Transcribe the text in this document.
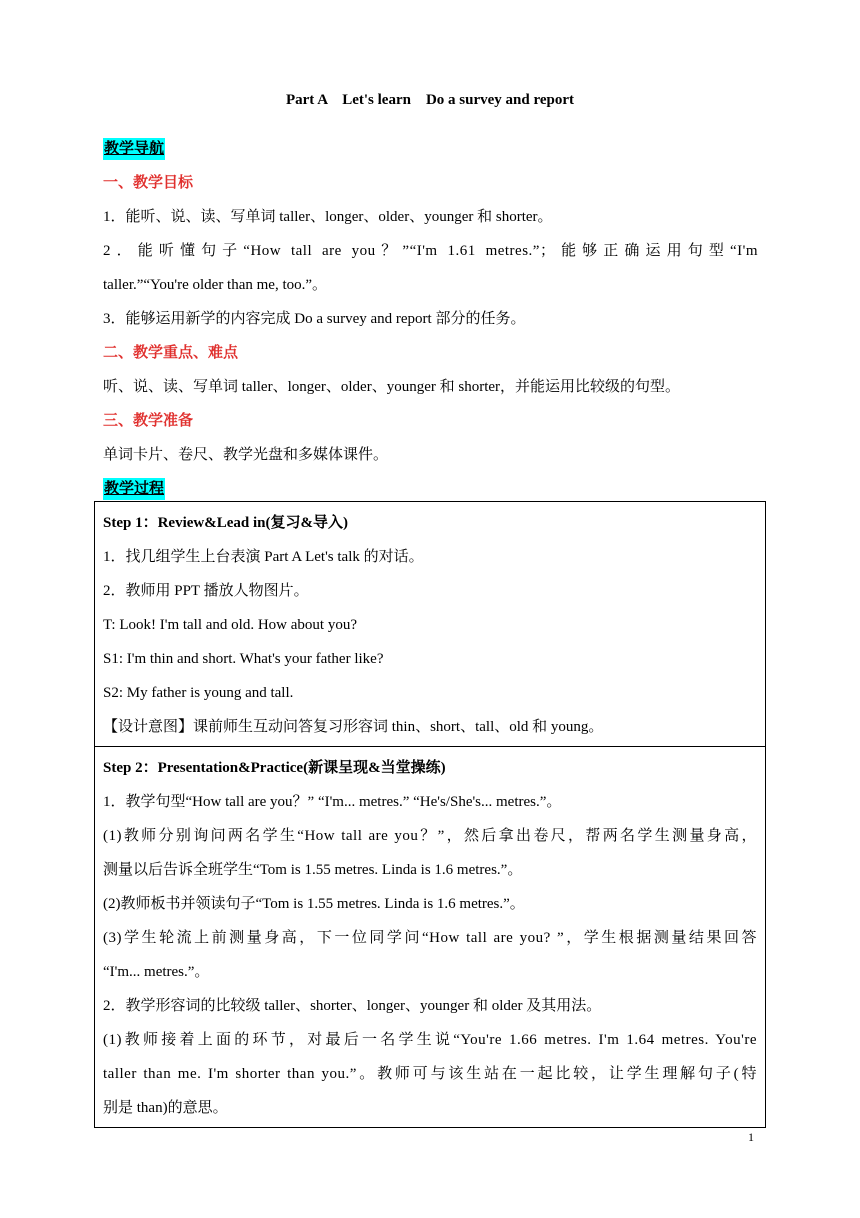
Part A    Let's learn    Do a survey and report
教学导航
一、教学目标
1．能听、说、读、写单词 taller、longer、older、younger 和 shorter。
2．能听懂句子“How tall are you？”“I'm 1.61 metres.”；能够正确运用句型“I'm
taller.”“You're older than me, too.”。
3．能够运用新学的内容完成 Do a survey and report 部分的任务。
二、教学重点、难点
听、说、读、写单词 taller、longer、older、younger 和 shorter，并能运用比较级的句型。
三、教学准备
单词卡片、卷尺、教学光盘和多媒体课件。
教学过程
Step 1：Review&Lead in(复习&导入)
1．找几组学生上台表演 Part A Let's talk 的对话。
2．教师用 PPT 播放人物图片。
T: Look! I'm tall and old. How about you?
S1: I'm thin and short. What's your father like?
S2: My father is young and tall.
【设计意图】课前师生互动问答复习形容词 thin、short、tall、old 和 young。

Step 2：Presentation&Practice(新课呈现&当堂操练)
1．教学句型“How tall are you？” “I'm... metres.” “He's/She's... metres.”。
(1)教师分别询问两名学生“How tall are you？”，然后拿出卷尺，帮两名学生测量身高，
测量以后告诉全班学生“Tom is 1.55 metres. Linda is 1.6 metres.”。
(2)教师板书并领读句子“Tom is 1.55 metres. Linda is 1.6 metres.”。
(3)学生轮流上前测量身高，下一位同学问“How tall are you? ”，学生根据测量结果回答
“I'm... metres.”。
2．教学形容词的比较级 taller、shorter、longer、younger 和 older 及其用法。
(1)教师接着上面的环节，对最后一名学生说“You're 1.66 metres. I'm 1.64 metres. You're
taller than me. I'm shorter than you.”。教师可与该生站在一起比较，让学生理解句子(特
别是 than)的意思。
1
